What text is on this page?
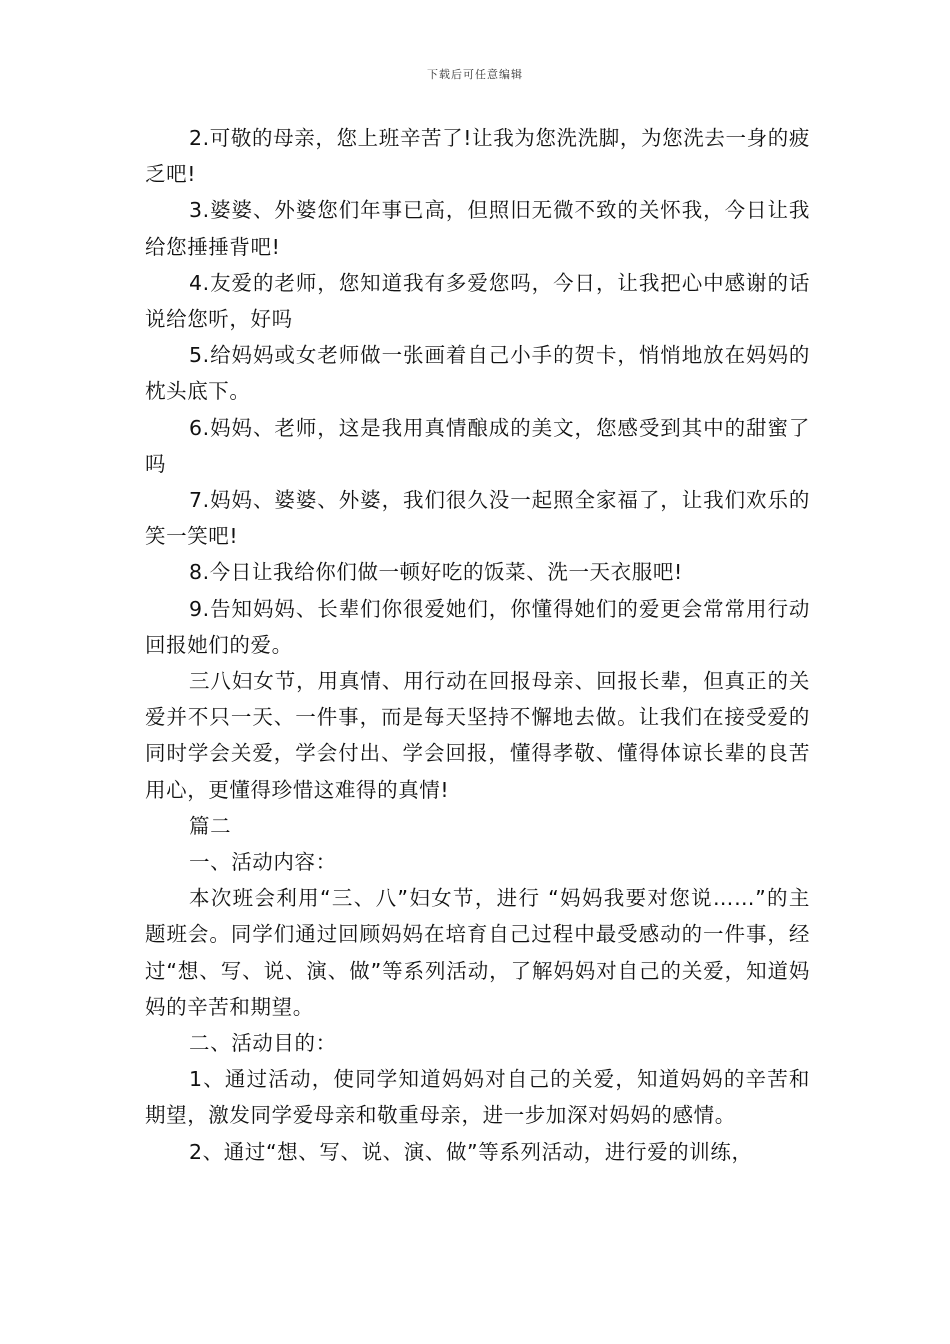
下载后可任意编辑

2.可敬的母亲，您上班辛苦了!让我为您洗洗脚，为您洗去一身的疲乏吧!

3.婆婆、外婆您们年事已高，但照旧无微不致的关怀我，今日让我给您捶捶背吧!

4.友爱的老师，您知道我有多爱您吗，今日，让我把心中感谢的话说给您听，好吗

5.给妈妈或女老师做一张画着自己小手的贺卡，悄悄地放在妈妈的枕头底下。

6.妈妈、老师，这是我用真情酿成的美文，您感受到其中的甜蜜了吗

7.妈妈、婆婆、外婆，我们很久没一起照全家福了，让我们欢乐的笑一笑吧!

8.今日让我给你们做一顿好吃的饭菜、洗一天衣服吧!

9.告知妈妈、长辈们你很爱她们，你懂得她们的爱更会常常用行动回报她们的爱。

三八妇女节，用真情、用行动在回报母亲、回报长辈，但真正的关爱并不只一天、一件事，而是每天坚持不懈地去做。让我们在接受爱的同时学会关爱，学会付出、学会回报，懂得孝敬、懂得体谅长辈的良苦用心，更懂得珍惜这难得的真情!

篇二

一、活动内容：

本次班会利用“三、八”妇女节，进行 “妈妈我要对您说……”的主题班会。同学们通过回顾妈妈在培育自己过程中最受感动的一件事，经过“想、写、说、演、做”等系列活动，了解妈妈对自己的关爱，知道妈妈的辛苦和期望。

二、活动目的：

1、通过活动，使同学知道妈妈对自己的关爱，知道妈妈的辛苦和期望，激发同学爱母亲和敬重母亲，进一步加深对妈妈的感情。

2、通过“想、写、说、演、做”等系列活动，进行爱的训练，
